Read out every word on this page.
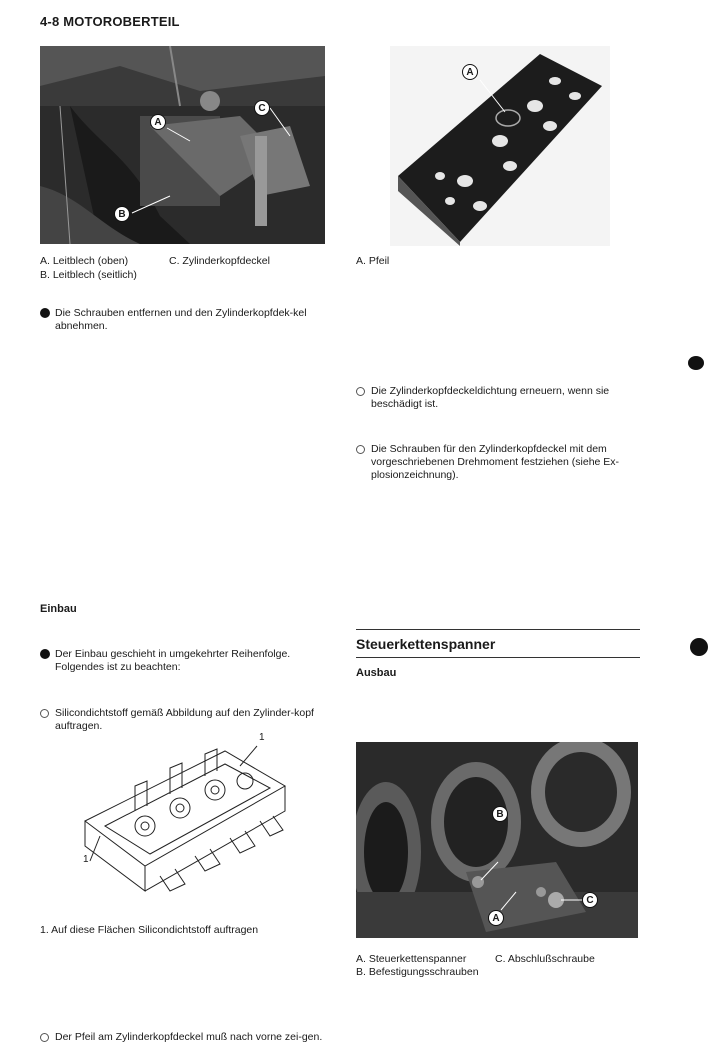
4-8 MOTOROBERTEIL
A
B
C
A. Leitblech (oben)	C. Zylinderkopfdeckel
B. Leitblech (seitlich)
Die Schrauben entfernen und den Zylinderkopfdek-kel abnehmen.
Einbau
Der Einbau geschieht in umgekehrter Reihenfolge. Folgendes ist zu beachten:
Silicondichtstoff gemäß Abbildung auf den Zylinder-kopf auftragen.
1
1
1. Auf diese Flächen Silicondichtstoff auftragen
Der Pfeil am Zylinderkopfdeckel muß nach vorne zei-gen.
A
A. Pfeil
Die Zylinderkopfdeckeldichtung erneuern, wenn sie beschädigt ist.
Die Schrauben für den Zylinderkopfdeckel mit dem vorgeschriebenen Drehmoment festziehen (siehe Ex-plosionzeichnung).
Steuerkettenspanner
Ausbau
A
B
C
A. Steuerkettenspanner	C. Abschlußschraube
B. Befestigungsschrauben
